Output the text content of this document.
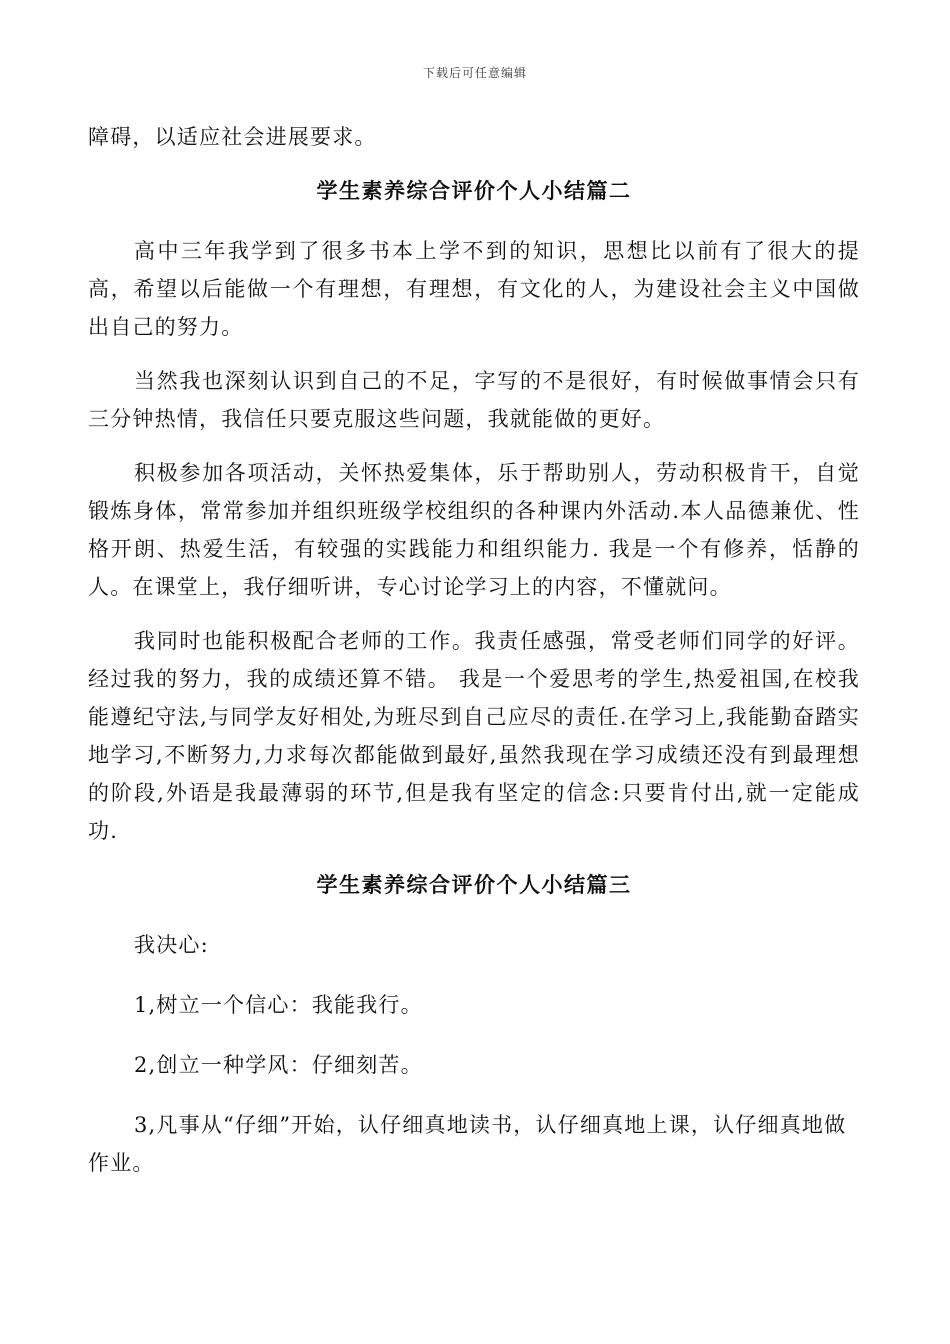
下载后可任意编辑

障碍，以适应社会进展要求。

学生素养综合评价个人小结篇二

高中三年我学到了很多书本上学不到的知识，思想比以前有了很大的提高，希望以后能做一个有理想，有理想，有文化的人，为建设社会主义中国做出自己的努力。

当然我也深刻认识到自己的不足，字写的不是很好，有时候做事情会只有三分钟热情，我信任只要克服这些问题，我就能做的更好。

积极参加各项活动，关怀热爱集体，乐于帮助别人，劳动积极肯干，自觉锻炼身体，常常参加并组织班级学校组织的各种课内外活动.本人品德兼优、性格开朗、热爱生活，有较强的实践能力和组织能力. 我是一个有修养，恬静的人。在课堂上，我仔细听讲，专心讨论学习上的内容，不懂就问。

我同时也能积极配合老师的工作。我责任感强，常受老师们同学的好评。经过我的努力，我的成绩还算不错。 我是一个爱思考的学生,热爱祖国,在校我能遵纪守法,与同学友好相处,为班尽到自己应尽的责任.在学习上,我能勤奋踏实地学习,不断努力,力求每次都能做到最好,虽然我现在学习成绩还没有到最理想的阶段,外语是我最薄弱的环节,但是我有坚定的信念:只要肯付出,就一定能成功.

学生素养综合评价个人小结篇三

我决心:

1,树立一个信心：我能我行。

2,创立一种学风：仔细刻苦。

3,凡事从“仔细”开始，认仔细真地读书，认仔细真地上课，认仔细真地做作业。
